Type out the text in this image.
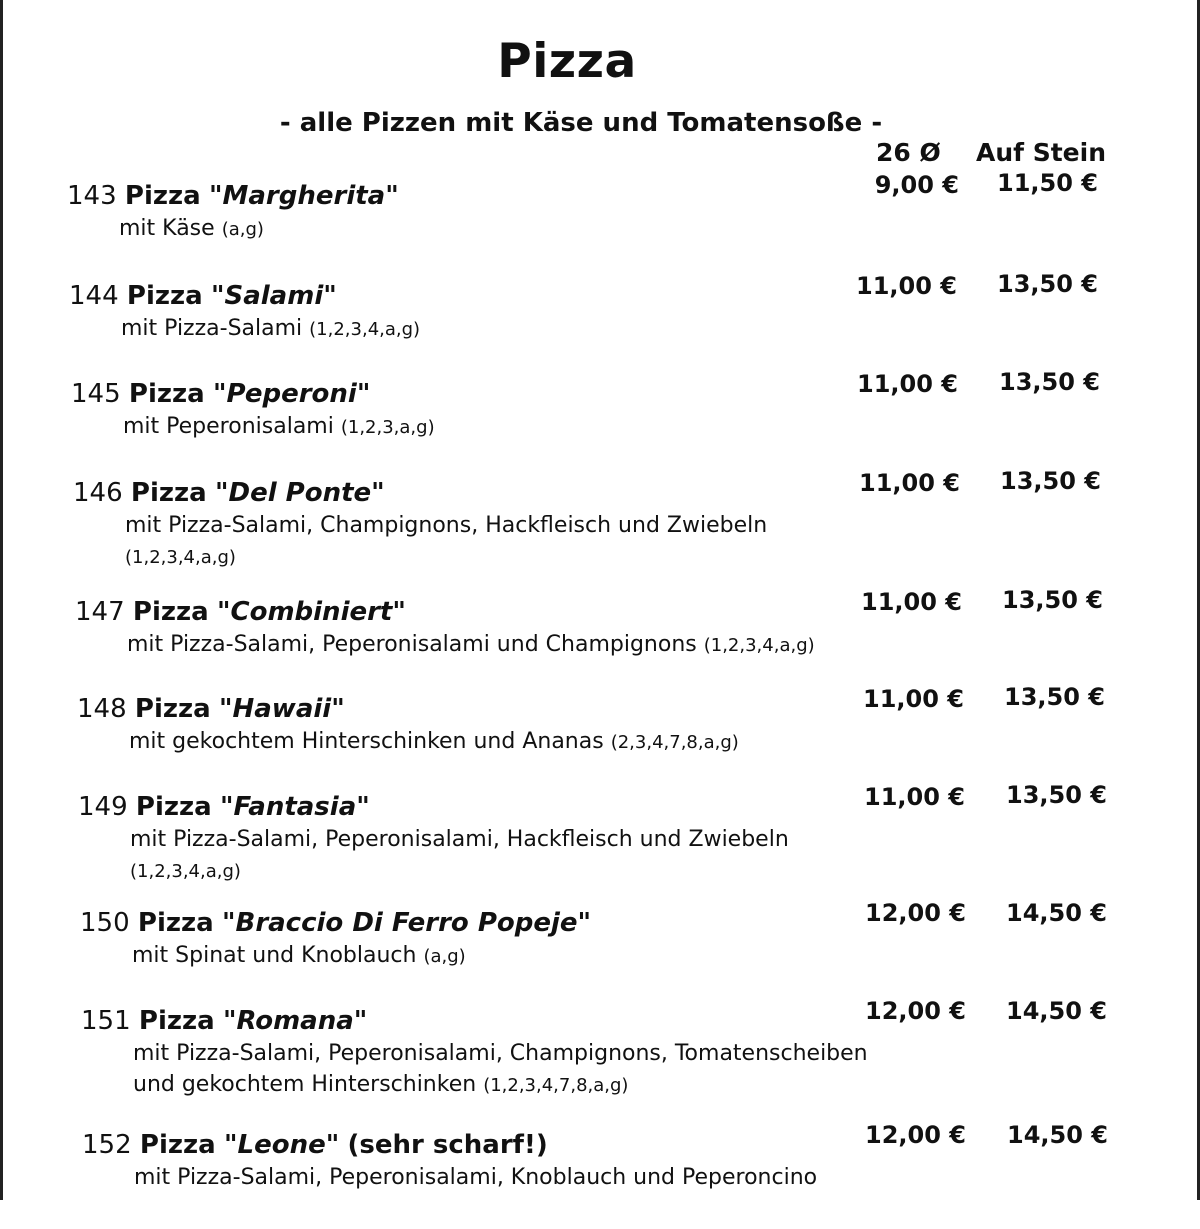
Pizza
- alle Pizzen mit Käse und Tomatensoße -
26 Ø Auf Stein
143 Pizza "Margherita"
mit Käse (a,g)
9,00 €	11,50 €
144 Pizza "Salami"
mit Pizza-Salami (1,2,3,4,a,g)
11,00 €	13,50 €
145 Pizza "Peperoni"
mit Peperonisalami (1,2,3,a,g)
11,00 €	13,50 €
146 Pizza "Del Ponte"
mit Pizza-Salami, Champignons, Hackfleisch und Zwiebeln
(1,2,3,4,a,g)
11,00 €	13,50 €
147 Pizza "Combiniert"
mit Pizza-Salami, Peperonisalami und Champignons (1,2,3,4,a,g)
11,00 €	13,50 €
148 Pizza "Hawaii"
mit gekochtem Hinterschinken und Ananas (2,3,4,7,8,a,g)
11,00 €	13,50 €
149 Pizza "Fantasia"
mit Pizza-Salami, Peperonisalami, Hackfleisch und Zwiebeln
(1,2,3,4,a,g)
11,00 €	13,50 €
150 Pizza "Braccio Di Ferro Popeje"
mit Spinat und Knoblauch (a,g)
12,00 €	14,50 €
151 Pizza "Romana"
mit Pizza-Salami, Peperonisalami, Champignons, Tomatenscheiben
und gekochtem Hinterschinken (1,2,3,4,7,8,a,g)
12,00 €	14,50 €
152 Pizza "Leone" (sehr scharf!)
mit Pizza-Salami, Peperonisalami, Knoblauch und Peperoncino
12,00 €	14,50 €
